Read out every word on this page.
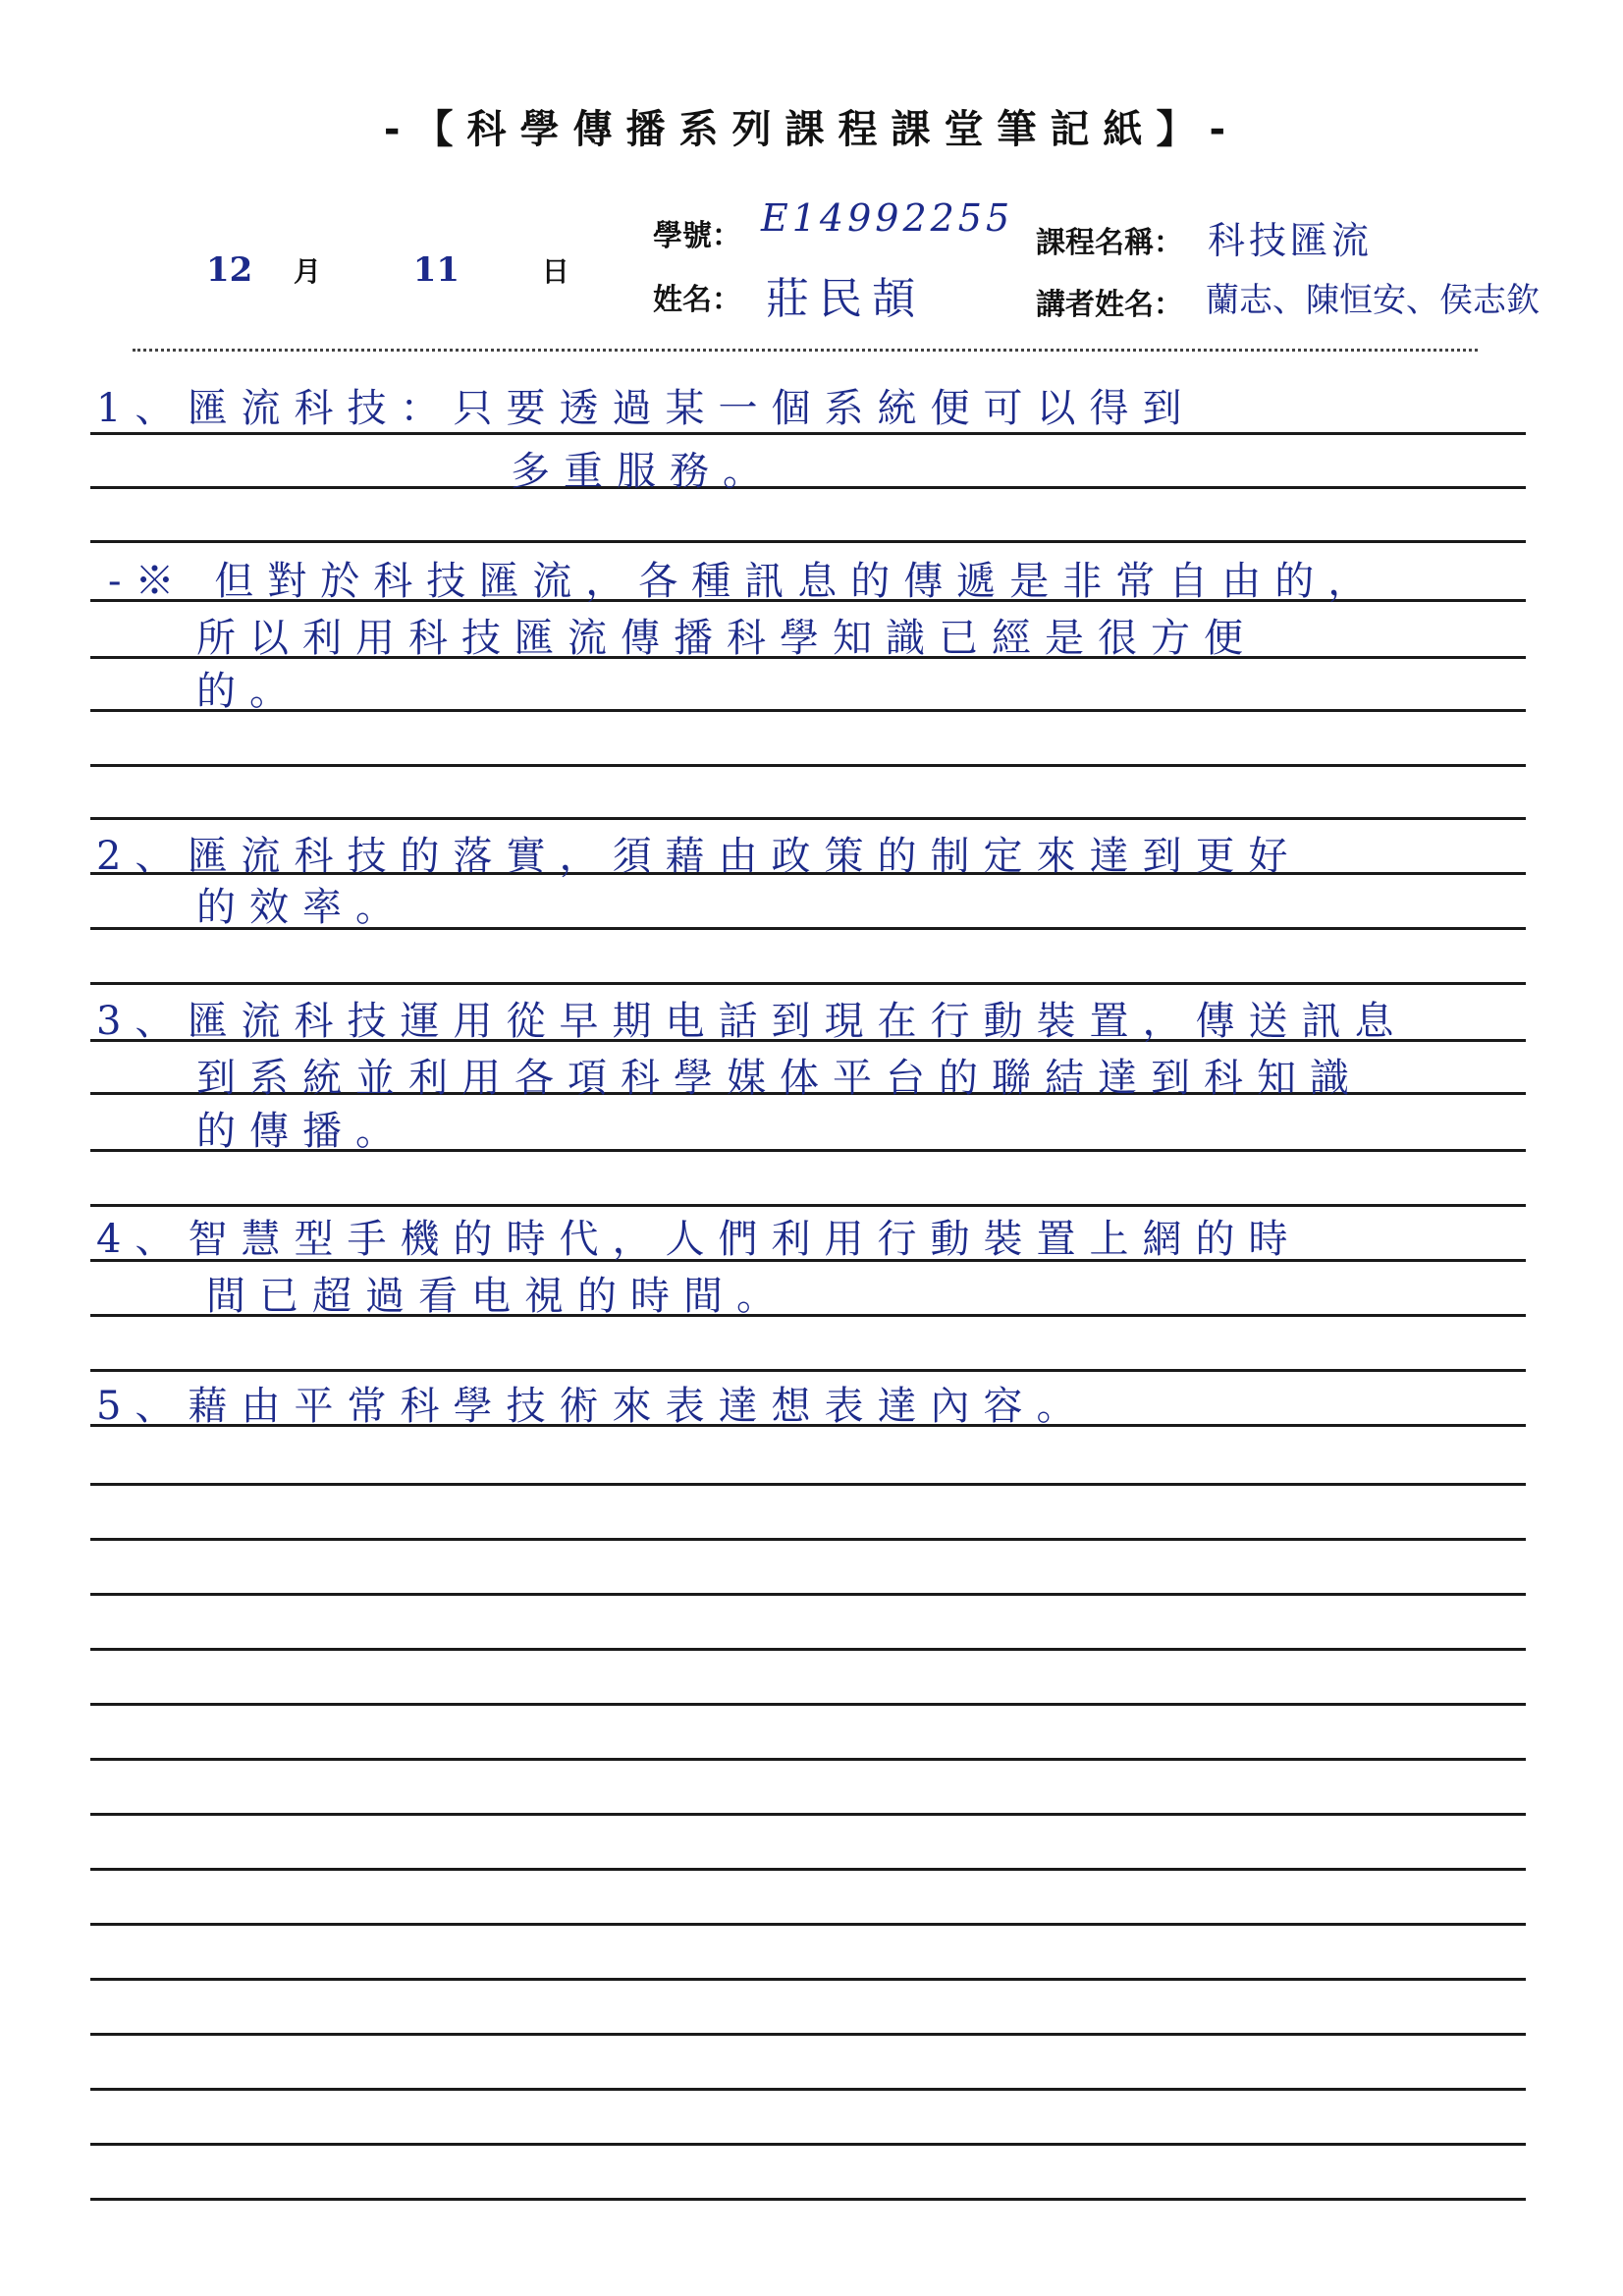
-【科學傳播系列課程課堂筆記紙】-
12 月	11	日
學號： E14992255
姓名： 莊民頡
課程名稱： 科技匯流
講者姓名： 蘭志、陳恒安、侯志欽
1、匯流科技：只要透過某一個系統便可以得到
多重服務。
-※ 但對於科技匯流，各種訊息的傳遞是非常自由的，
所以利用科技匯流傳播科學知識已經是很方便
的。
2、匯流科技的落實，須藉由政策的制定來達到更好
的效率。
3、匯流科技運用從早期电話到現在行動裝置，傳送訊息
到系統並利用各項科學媒体平台的聯結達到科知識
的傳播。
4、智慧型手機的時代，人們利用行動裝置上網的時
間已超過看电視的時間。
5、藉由平常科學技術來表達想表達內容。
